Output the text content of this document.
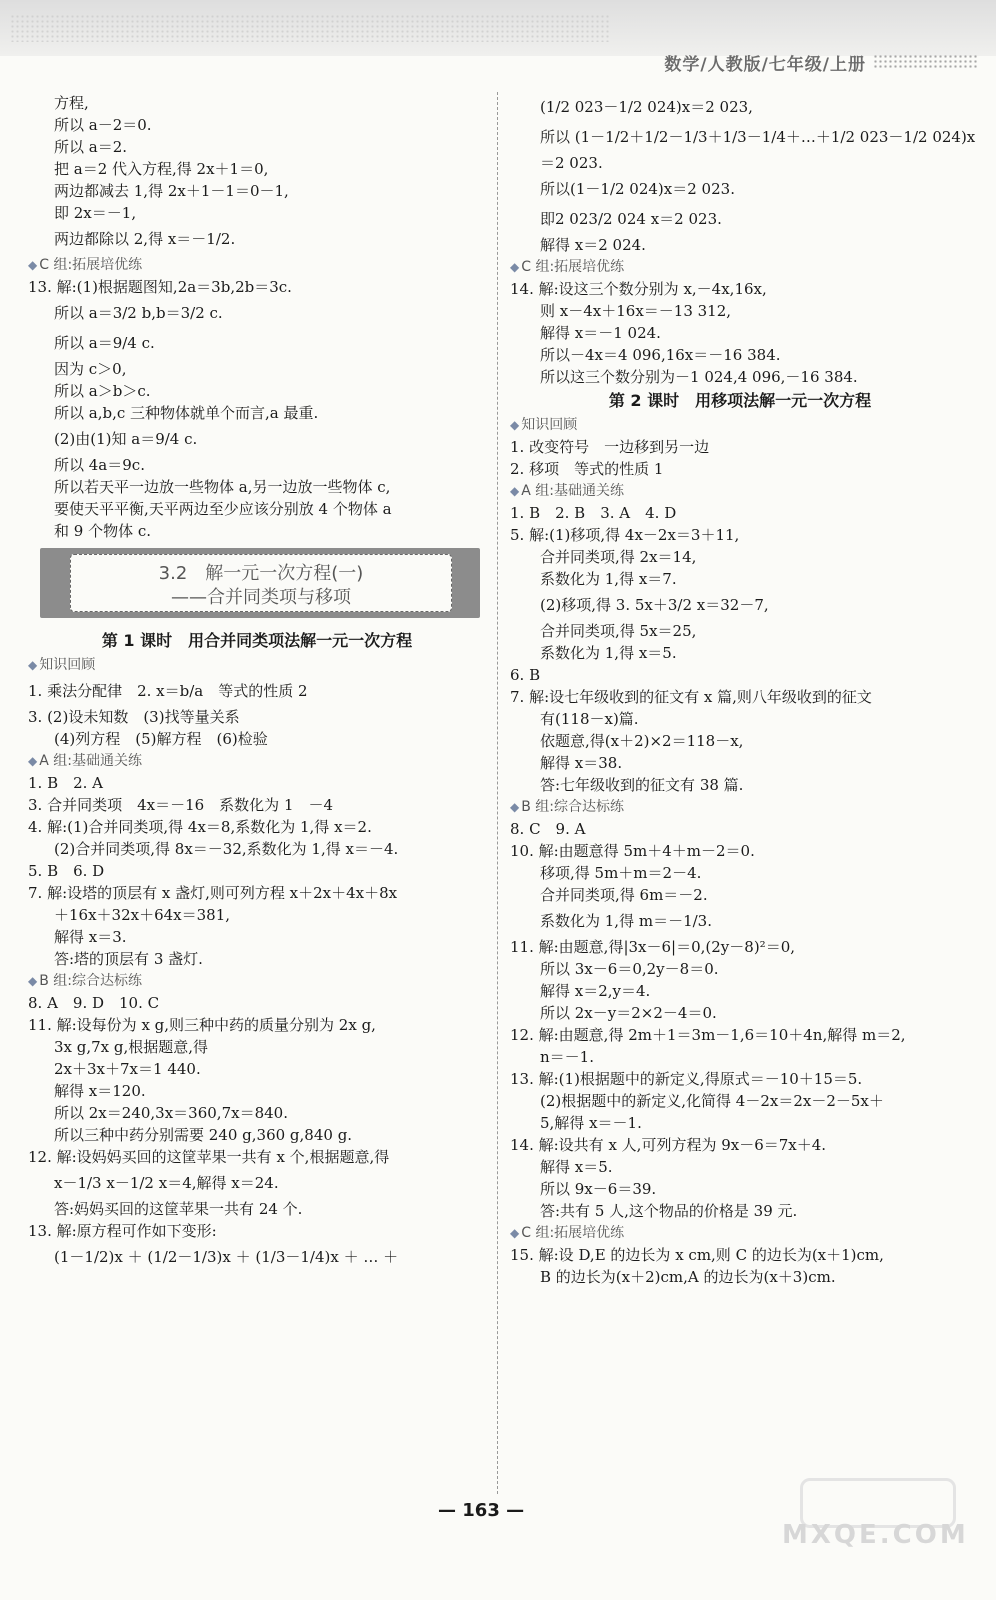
数学/人教版/七年级/上册
方程,
所以 a－2＝0.
所以 a＝2.
把 a＝2 代入方程,得 2x＋1＝0,
两边都减去 1,得 2x＋1－1＝0－1,
即 2x＝－1,
两边都除以 2,得 x＝－1/2.
◆ C 组:拓展培优练
13. 解:(1)根据题图知,2a＝3b,2b＝3c.
所以 a＝3/2 b,b＝3/2 c.
所以 a＝9/4 c.
因为 c＞0,
所以 a＞b＞c.
所以 a,b,c 三种物体就单个而言,a 最重.
(2)由(1)知 a＝9/4 c.
所以 4a＝9c.
所以若天平一边放一些物体 a,另一边放一些物体 c,
要使天平平衡,天平两边至少应该分别放 4 个物体 a
和 9 个物体 c.
3.2　解一元一次方程(一)
——合并同类项与移项
第 1 课时　用合并同类项法解一元一次方程
◆ 知识回顾
1. 乘法分配律　2. x＝b/a　等式的性质 2
3. (2)设未知数　(3)找等量关系
(4)列方程　(5)解方程　(6)检验
◆ A 组:基础通关练
1. B　2. A
3. 合并同类项　4x＝－16　系数化为 1　－4
4. 解:(1)合并同类项,得 4x＝8,系数化为 1,得 x＝2.
(2)合并同类项,得 8x＝－32,系数化为 1,得 x＝－4.
5. B　6. D
7. 解:设塔的顶层有 x 盏灯,则可列方程 x＋2x＋4x＋8x
＋16x＋32x＋64x＝381,
解得 x＝3.
答:塔的顶层有 3 盏灯.
◆ B 组:综合达标练
8. A　9. D　10. C
11. 解:设每份为 x g,则三种中药的质量分别为 2x g,
3x g,7x g,根据题意,得
2x＋3x＋7x＝1 440.
解得 x＝120.
所以 2x＝240,3x＝360,7x＝840.
所以三种中药分别需要 240 g,360 g,840 g.
12. 解:设妈妈买回的这筐苹果一共有 x 个,根据题意,得
x－1/3 x－1/2 x＝4,解得 x＝24.
答:妈妈买回的这筐苹果一共有 24 个.
13. 解:原方程可作如下变形:
(1－1/2)x ＋ (1/2－1/3)x ＋ (1/3－1/4)x ＋ … ＋
(1/2 023－1/2 024)x＝2 023,
所以 (1－1/2＋1/2－1/3＋1/3－1/4＋…＋1/2 023－1/2 024)x
＝2 023.
所以(1－1/2 024)x＝2 023.
即2 023/2 024 x＝2 023.
解得 x＝2 024.
◆ C 组:拓展培优练
14. 解:设这三个数分别为 x,－4x,16x,
则 x－4x＋16x＝－13 312,
解得 x＝－1 024.
所以－4x＝4 096,16x＝－16 384.
所以这三个数分别为－1 024,4 096,－16 384.
第 2 课时　用移项法解一元一次方程
◆ 知识回顾
1. 改变符号　一边移到另一边
2. 移项　等式的性质 1
◆ A 组:基础通关练
1. B　2. B　3. A　4. D
5. 解:(1)移项,得 4x－2x＝3＋11,
合并同类项,得 2x＝14,
系数化为 1,得 x＝7.
(2)移项,得 3. 5x＋3/2 x＝32－7,
合并同类项,得 5x＝25,
系数化为 1,得 x＝5.
6. B
7. 解:设七年级收到的征文有 x 篇,则八年级收到的征文
有(118－x)篇.
依题意,得(x＋2)×2＝118－x,
解得 x＝38.
答:七年级收到的征文有 38 篇.
◆ B 组:综合达标练
8. C　9. A
10. 解:由题意得 5m＋4＋m－2＝0.
移项,得 5m＋m＝2－4.
合并同类项,得 6m＝－2.
系数化为 1,得 m＝－1/3.
11. 解:由题意,得|3x－6|＝0,(2y－8)²＝0,
所以 3x－6＝0,2y－8＝0.
解得 x＝2,y＝4.
所以 2x－y＝2×2－4＝0.
12. 解:由题意,得 2m＋1＝3m－1,6＝10＋4n,解得 m＝2,
n＝－1.
13. 解:(1)根据题中的新定义,得原式＝－10＋15＝5.
(2)根据题中的新定义,化简得 4－2x＝2x－2－5x＋
5,解得 x＝－1.
14. 解:设共有 x 人,可列方程为 9x－6＝7x＋4.
解得 x＝5.
所以 9x－6＝39.
答:共有 5 人,这个物品的价格是 39 元.
◆ C 组:拓展培优练
15. 解:设 D,E 的边长为 x cm,则 C 的边长为(x＋1)cm,
B 的边长为(x＋2)cm,A 的边长为(x＋3)cm.
— 163 —
MXQE.COM
